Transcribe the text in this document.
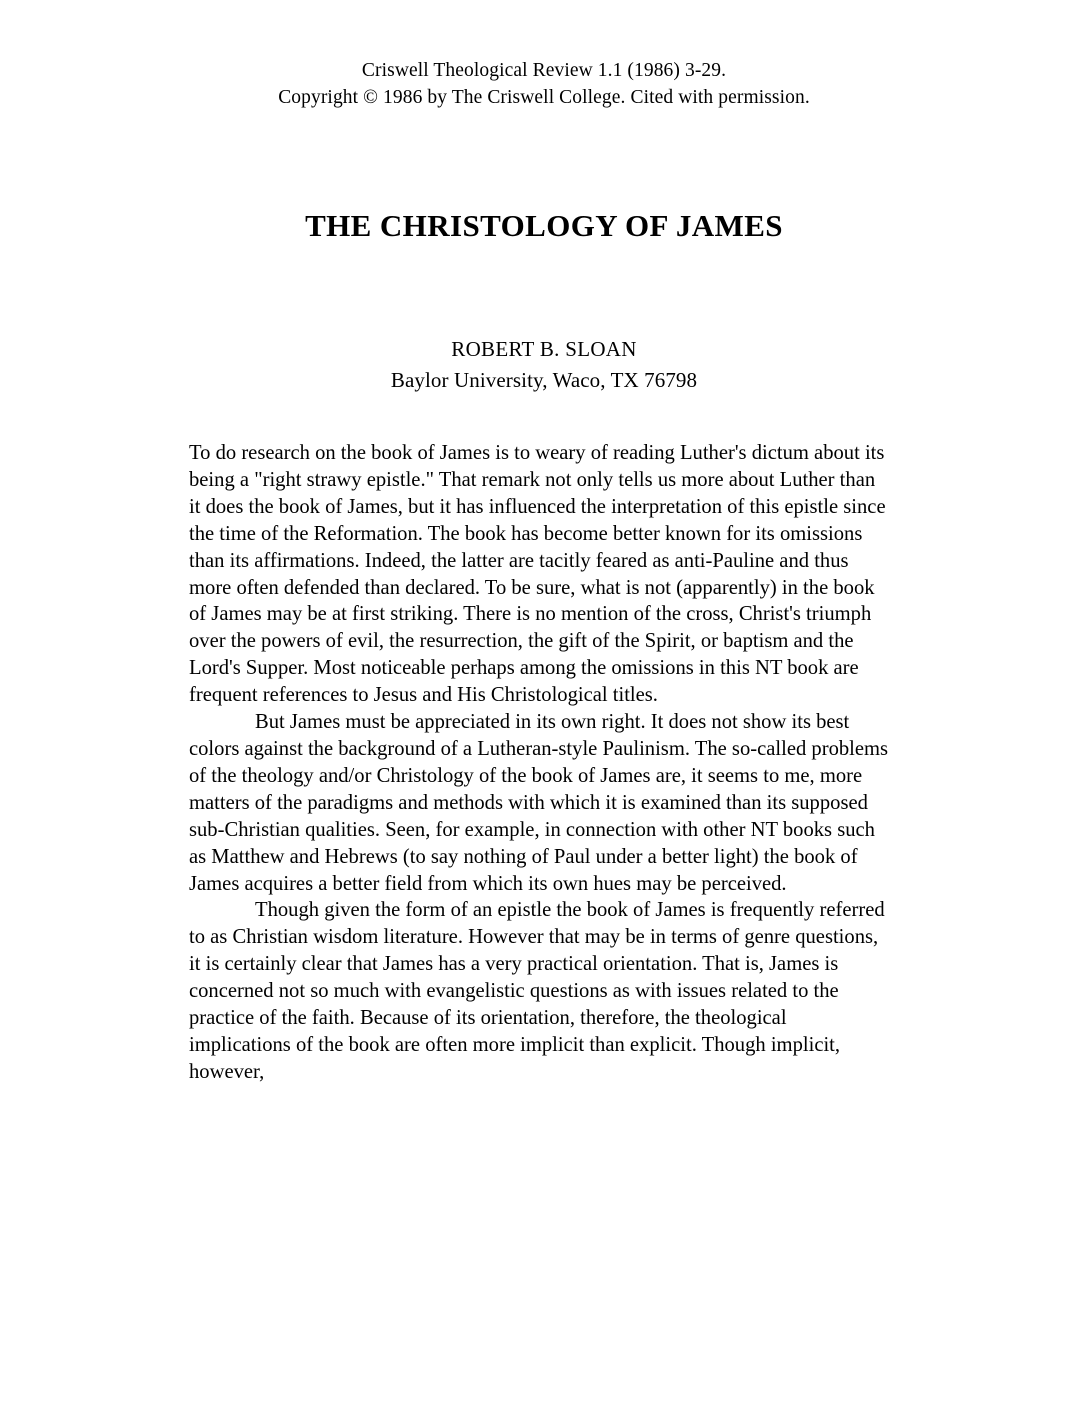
Criswell Theological Review 1.1 (1986) 3-29.
Copyright © 1986 by The Criswell College. Cited with permission.
THE CHRISTOLOGY OF JAMES
ROBERT B. SLOAN
Baylor University, Waco, TX 76798

To do research on the book of James is to weary of reading Luther's dictum about its being a "right strawy epistle." That remark not only tells us more about Luther than it does the book of James, but it has influenced the interpretation of this epistle since the time of the Reformation. The book has become better known for its omissions than its affirmations. Indeed, the latter are tacitly feared as anti-Pauline and thus more often defended than declared. To be sure, what is not (apparently) in the book of James may be at first striking. There is no mention of the cross, Christ's triumph over the powers of evil, the resurrection, the gift of the Spirit, or baptism and the Lord's Supper. Most noticeable perhaps among the omissions in this NT book are frequent references to Jesus and His Christological titles.

But James must be appreciated in its own right. It does not show its best colors against the background of a Lutheran-style Paulinism. The so-called problems of the theology and/or Christology of the book of James are, it seems to me, more matters of the paradigms and methods with which it is examined than its supposed sub-Christian qualities. Seen, for example, in connection with other NT books such as Matthew and Hebrews (to say nothing of Paul under a better light) the book of James acquires a better field from which its own hues may be perceived.

Though given the form of an epistle the book of James is frequently referred to as Christian wisdom literature. However that may be in terms of genre questions, it is certainly clear that James has a very practical orientation. That is, James is concerned not so much with evangelistic questions as with issues related to the practice of the faith. Because of its orientation, therefore, the theological implications of the book are often more implicit than explicit. Though implicit, however,
